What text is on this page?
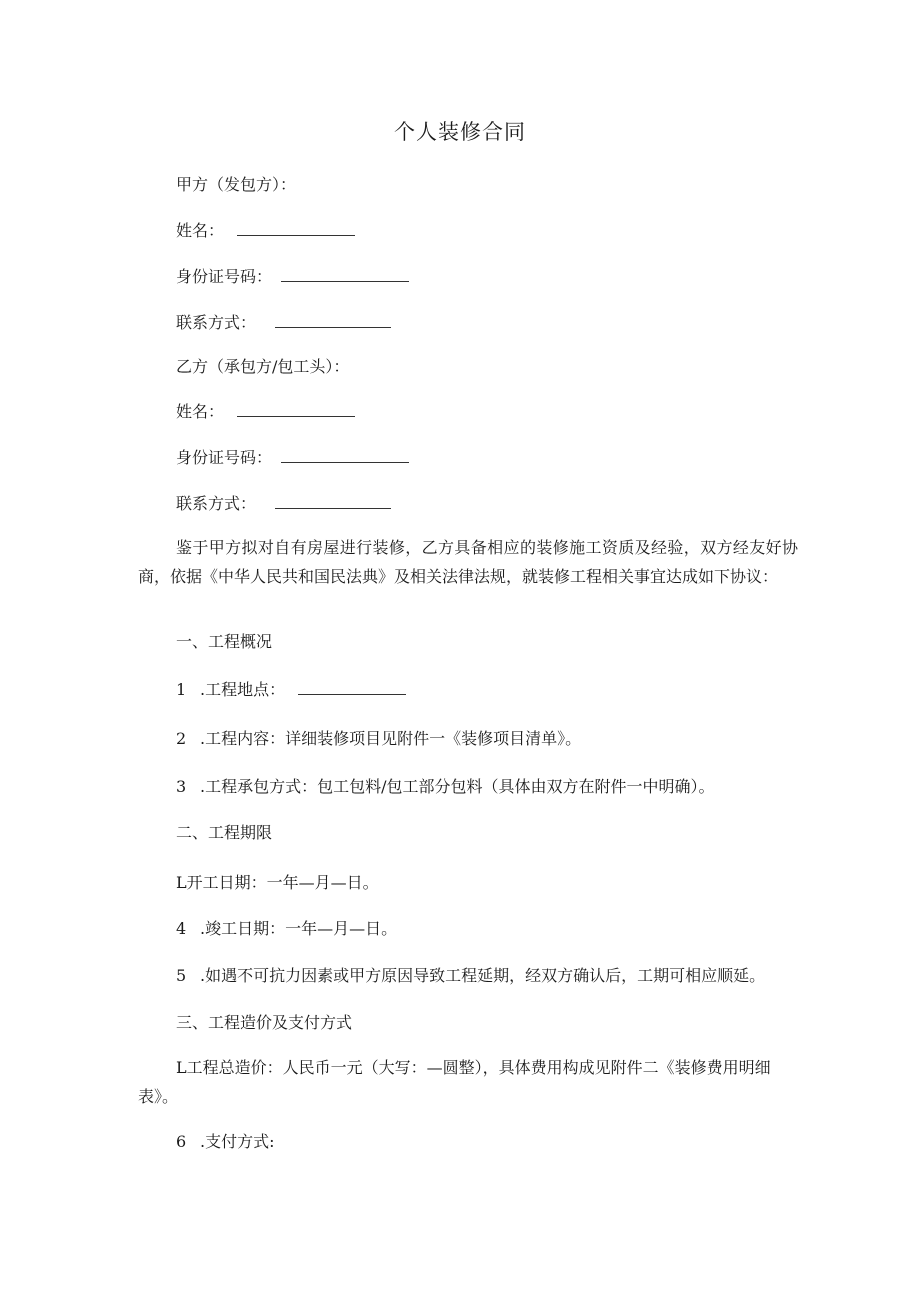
个人装修合同
甲方（发包方）：
姓名：
身份证号码：
联系方式：
乙方（承包方/包工头）：
姓名：
身份证号码：
联系方式：
鉴于甲方拟对自有房屋进行装修，乙方具备相应的装修施工资质及经验，双方经友好协商，依据《中华人民共和国民法典》及相关法律法规，就装修工程相关事宜达成如下协议：
一、工程概况
1 .工程地点：
2 .工程内容：详细装修项目见附件一《装修项目清单》。
3 .工程承包方式：包工包料/包工部分包料（具体由双方在附件一中明确）。
二、工程期限
L开工日期：一年—月—日。
4 .竣工日期：一年—月—日。
5 .如遇不可抗力因素或甲方原因导致工程延期，经双方确认后，工期可相应顺延。
三、工程造价及支付方式
L工程总造价：人民币一元（大写：—圆整），具体费用构成见附件二《装修费用明细表》。
6 .支付方式:
